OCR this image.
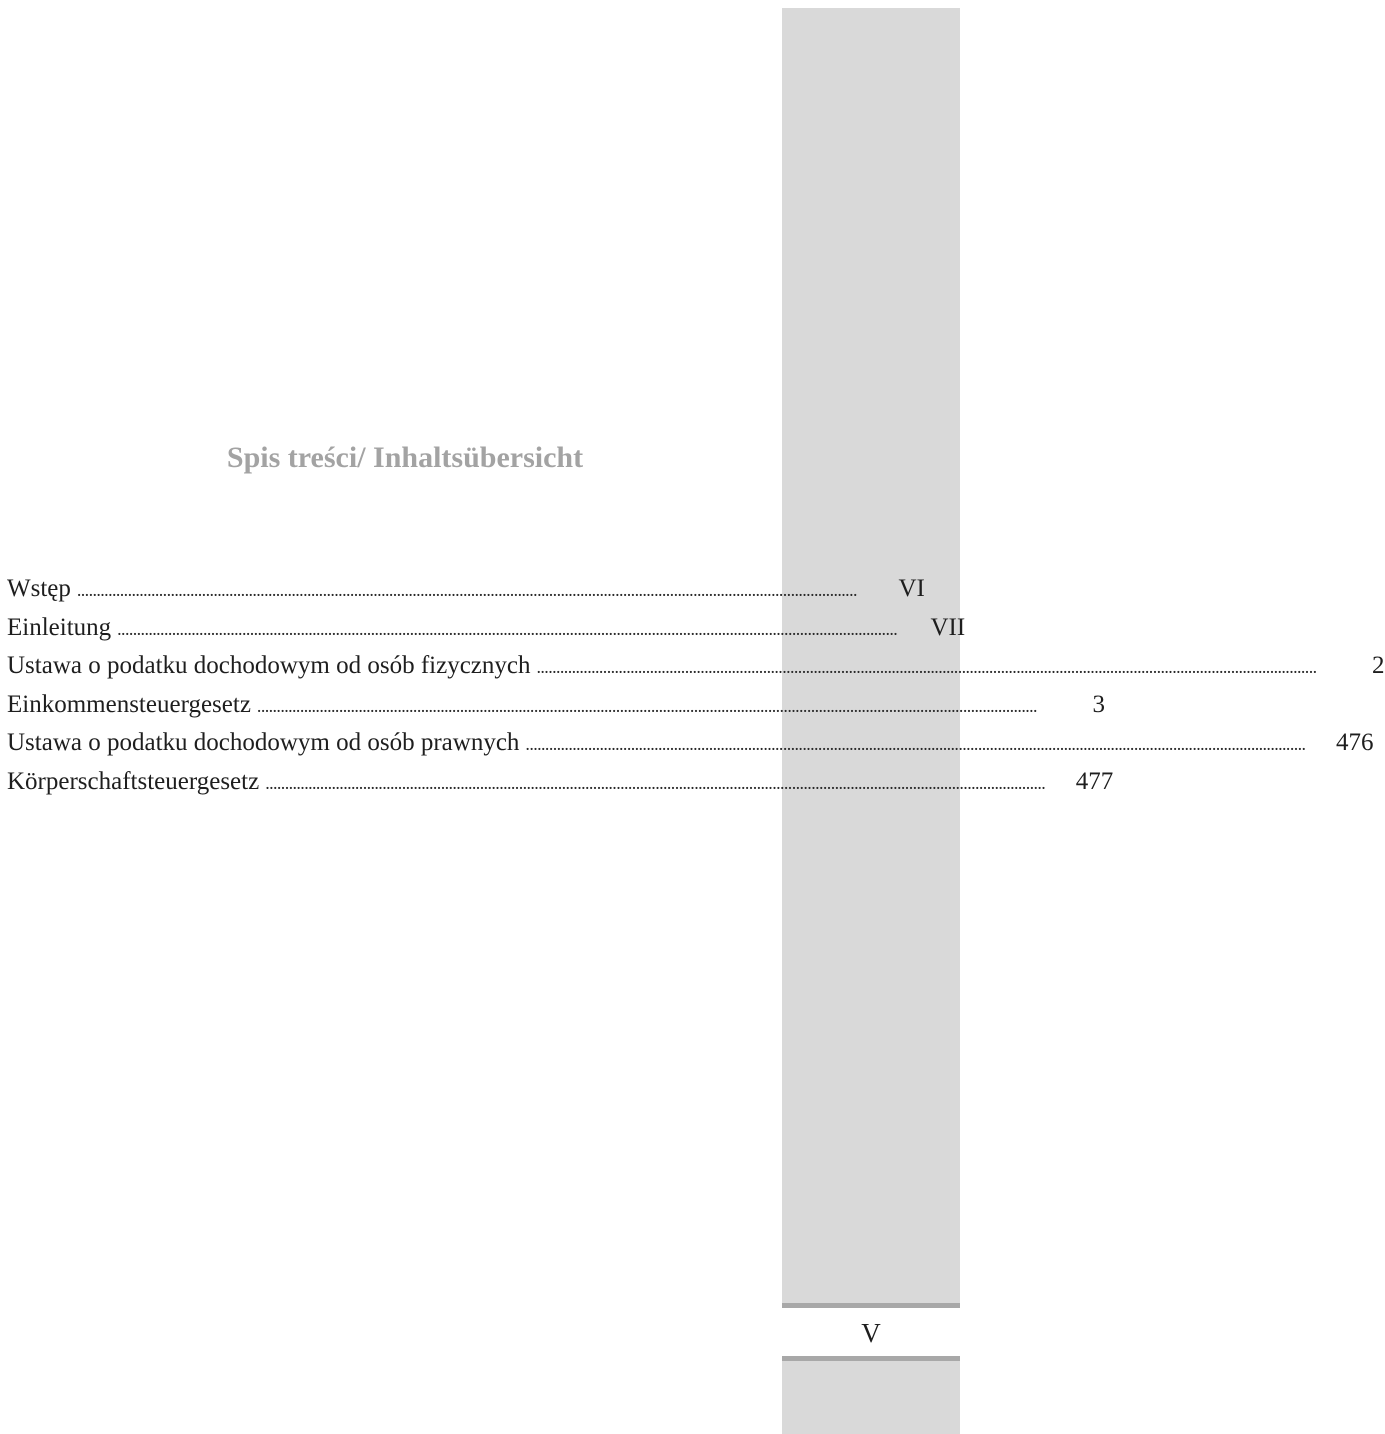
V
Spis treści/ Inhaltsübersicht
Wstęp ........................................................................................................................................................................................................	VI
Einleitung ........................................................................................................................................................................................................	VII
Ustawa o podatku dochodowym od osób fizycznych ........................................................................................................................................................................................................	2
Einkommensteuergesetz ........................................................................................................................................................................................................	3
Ustawa o podatku dochodowym od osób prawnych ........................................................................................................................................................................................................	476
Körperschaftsteuergesetz ........................................................................................................................................................................................................	477
